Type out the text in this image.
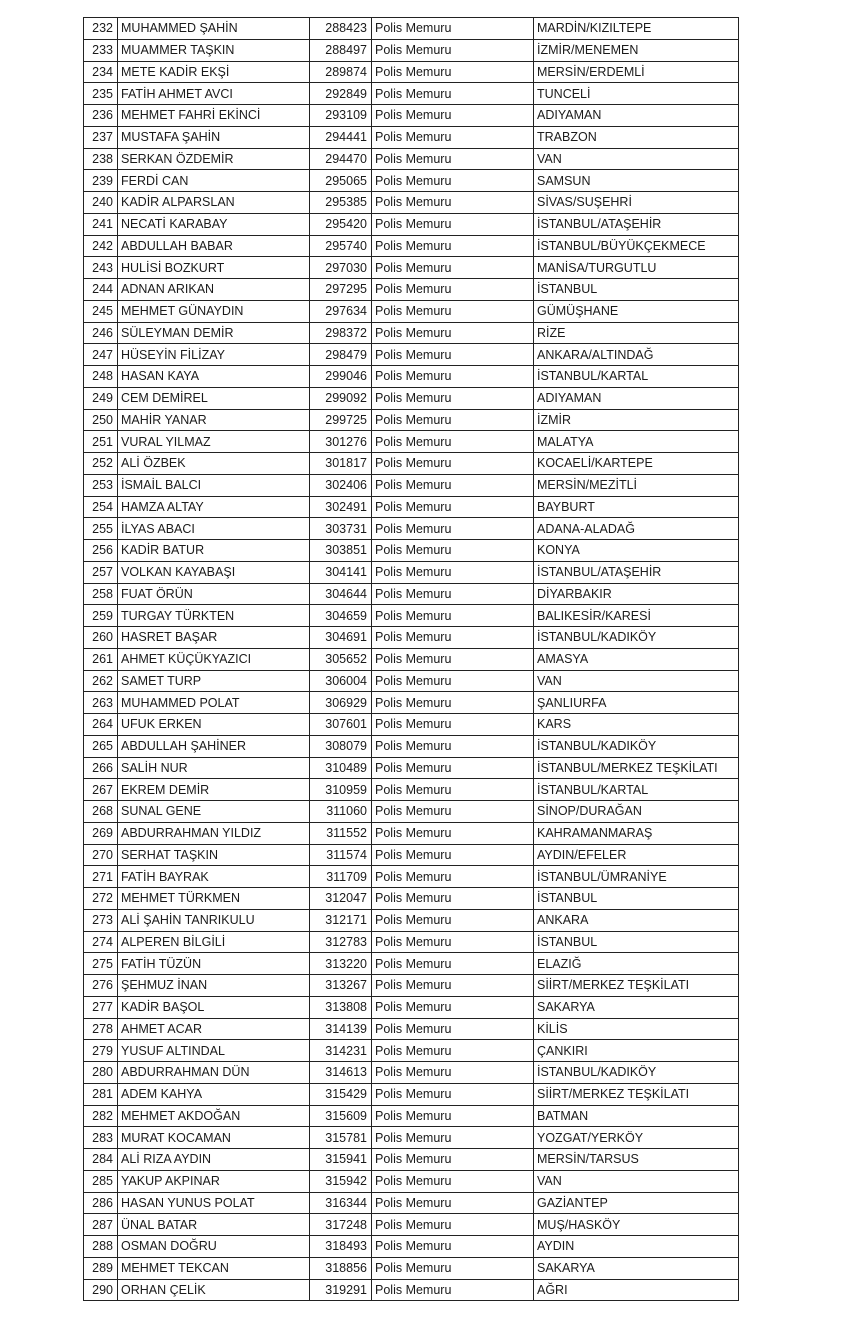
232	MUHAMMED ŞAHİN	288423	Polis Memuru	MARDİN/KIZILTEPE
233	MUAMMER TAŞKIN	288497	Polis Memuru	İZMİR/MENEMEN
234	METE KADİR EKŞİ	289874	Polis Memuru	MERSİN/ERDEMLİ
235	FATİH AHMET AVCI	292849	Polis Memuru	TUNCELİ
236	MEHMET FAHRİ EKİNCİ	293109	Polis Memuru	ADIYAMAN
237	MUSTAFA ŞAHİN	294441	Polis Memuru	TRABZON
238	SERKAN ÖZDEMİR	294470	Polis Memuru	VAN
239	FERDİ CAN	295065	Polis Memuru	SAMSUN
240	KADİR ALPARSLAN	295385	Polis Memuru	SİVAS/SUŞEHRİ
241	NECATİ KARABAY	295420	Polis Memuru	İSTANBUL/ATAŞEHİR
242	ABDULLAH BABAR	295740	Polis Memuru	İSTANBUL/BÜYÜKÇEKMECE
243	HULİSİ BOZKURT	297030	Polis Memuru	MANİSA/TURGUTLU
244	ADNAN ARIKAN	297295	Polis Memuru	İSTANBUL
245	MEHMET GÜNAYDIN	297634	Polis Memuru	GÜMÜŞHANE
246	SÜLEYMAN DEMİR	298372	Polis Memuru	RİZE
247	HÜSEYİN FİLİZAY	298479	Polis Memuru	ANKARA/ALTINDAĞ
248	HASAN KAYA	299046	Polis Memuru	İSTANBUL/KARTAL
249	CEM DEMİREL	299092	Polis Memuru	ADIYAMAN
250	MAHİR YANAR	299725	Polis Memuru	İZMİR
251	VURAL YILMAZ	301276	Polis Memuru	MALATYA
252	ALİ ÖZBEK	301817	Polis Memuru	KOCAELİ/KARTEPE
253	İSMAİL BALCI	302406	Polis Memuru	MERSİN/MEZİTLİ
254	HAMZA ALTAY	302491	Polis Memuru	BAYBURT
255	İLYAS ABACI	303731	Polis Memuru	ADANA-ALADAĞ
256	KADİR BATUR	303851	Polis Memuru	KONYA
257	VOLKAN KAYABAŞI	304141	Polis Memuru	İSTANBUL/ATAŞEHİR
258	FUAT ÖRÜN	304644	Polis Memuru	DİYARBAKIR
259	TURGAY TÜRKTEN	304659	Polis Memuru	BALIKESİR/KARESİ
260	HASRET BAŞAR	304691	Polis Memuru	İSTANBUL/KADIKÖY
261	AHMET KÜÇÜKYAZICI	305652	Polis Memuru	AMASYA
262	SAMET TURP	306004	Polis Memuru	VAN
263	MUHAMMED POLAT	306929	Polis Memuru	ŞANLIURFA
264	UFUK ERKEN	307601	Polis Memuru	KARS
265	ABDULLAH ŞAHİNER	308079	Polis Memuru	İSTANBUL/KADIKÖY
266	SALİH NUR	310489	Polis Memuru	İSTANBUL/MERKEZ TEŞKİLATI
267	EKREM DEMİR	310959	Polis Memuru	İSTANBUL/KARTAL
268	SUNAL GENE	311060	Polis Memuru	SİNOP/DURAĞAN
269	ABDURRAHMAN YILDIZ	311552	Polis Memuru	KAHRAMANMARAŞ
270	SERHAT TAŞKIN	311574	Polis Memuru	AYDIN/EFELER
271	FATİH BAYRAK	311709	Polis Memuru	İSTANBUL/ÜMRANİYE
272	MEHMET TÜRKMEN	312047	Polis Memuru	İSTANBUL
273	ALİ ŞAHİN TANRIKULU	312171	Polis Memuru	ANKARA
274	ALPEREN BİLGİLİ	312783	Polis Memuru	İSTANBUL
275	FATİH TÜZÜN	313220	Polis Memuru	ELAZIĞ
276	ŞEHMUZ İNAN	313267	Polis Memuru	SİİRT/MERKEZ TEŞKİLATI
277	KADİR BAŞOL	313808	Polis Memuru	SAKARYA
278	AHMET ACAR	314139	Polis Memuru	KİLİS
279	YUSUF ALTINDAL	314231	Polis Memuru	ÇANKIRI
280	ABDURRAHMAN DÜN	314613	Polis Memuru	İSTANBUL/KADIKÖY
281	ADEM KAHYA	315429	Polis Memuru	SİİRT/MERKEZ TEŞKİLATI
282	MEHMET AKDOĞAN	315609	Polis Memuru	BATMAN
283	MURAT KOCAMAN	315781	Polis Memuru	YOZGAT/YERKÖY
284	ALİ RIZA AYDIN	315941	Polis Memuru	MERSİN/TARSUS
285	YAKUP AKPINAR	315942	Polis Memuru	VAN
286	HASAN YUNUS POLAT	316344	Polis Memuru	GAZİANTEP
287	ÜNAL BATAR	317248	Polis Memuru	MUŞ/HASKÖY
288	OSMAN DOĞRU	318493	Polis Memuru	AYDIN
289	MEHMET TEKCAN	318856	Polis Memuru	SAKARYA
290	ORHAN ÇELİK	319291	Polis Memuru	AĞRI
